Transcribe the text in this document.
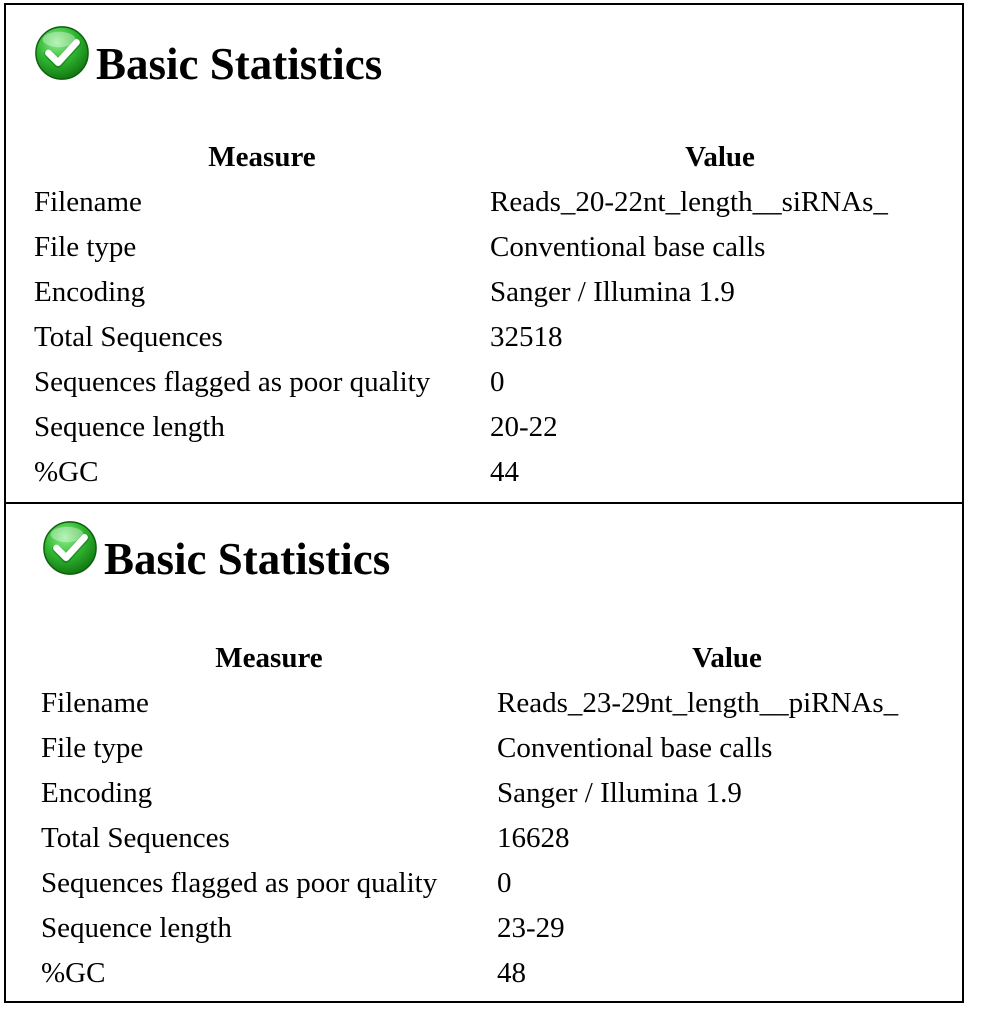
Basic Statistics
Measure	Value
Filename	Reads_20-22nt_length__siRNAs_
File type	Conventional base calls
Encoding	Sanger / Illumina 1.9
Total Sequences	32518
Sequences flagged as poor quality	0
Sequence length	20-22
%GC	44
Basic Statistics
Measure	Value
Filename	Reads_23-29nt_length__piRNAs_
File type	Conventional base calls
Encoding	Sanger / Illumina 1.9
Total Sequences	16628
Sequences flagged as poor quality	0
Sequence length	23-29
%GC	48
